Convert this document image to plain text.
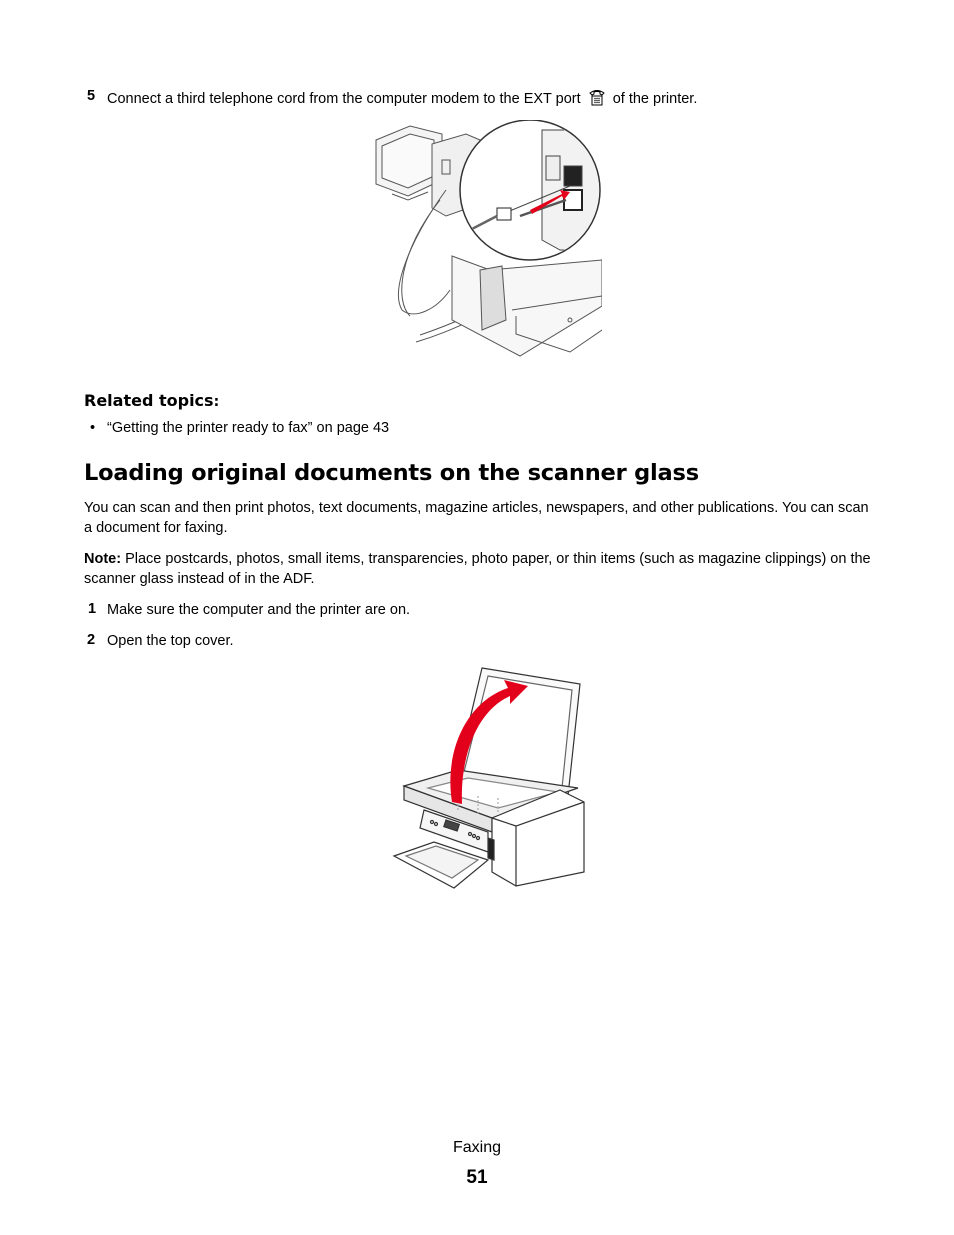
5 Connect a third telephone cord from the computer modem to the EXT port of the printer.
Related topics:
• “Getting the printer ready to fax” on page 43
Loading original documents on the scanner glass
You can scan and then print photos, text documents, magazine articles, newspapers, and other publications. You can scan a document for faxing.
Note: Place postcards, photos, small items, transparencies, photo paper, or thin items (such as magazine clippings) on the scanner glass instead of in the ADF.
1 Make sure the computer and the printer are on.
2 Open the top cover.
Faxing
51
